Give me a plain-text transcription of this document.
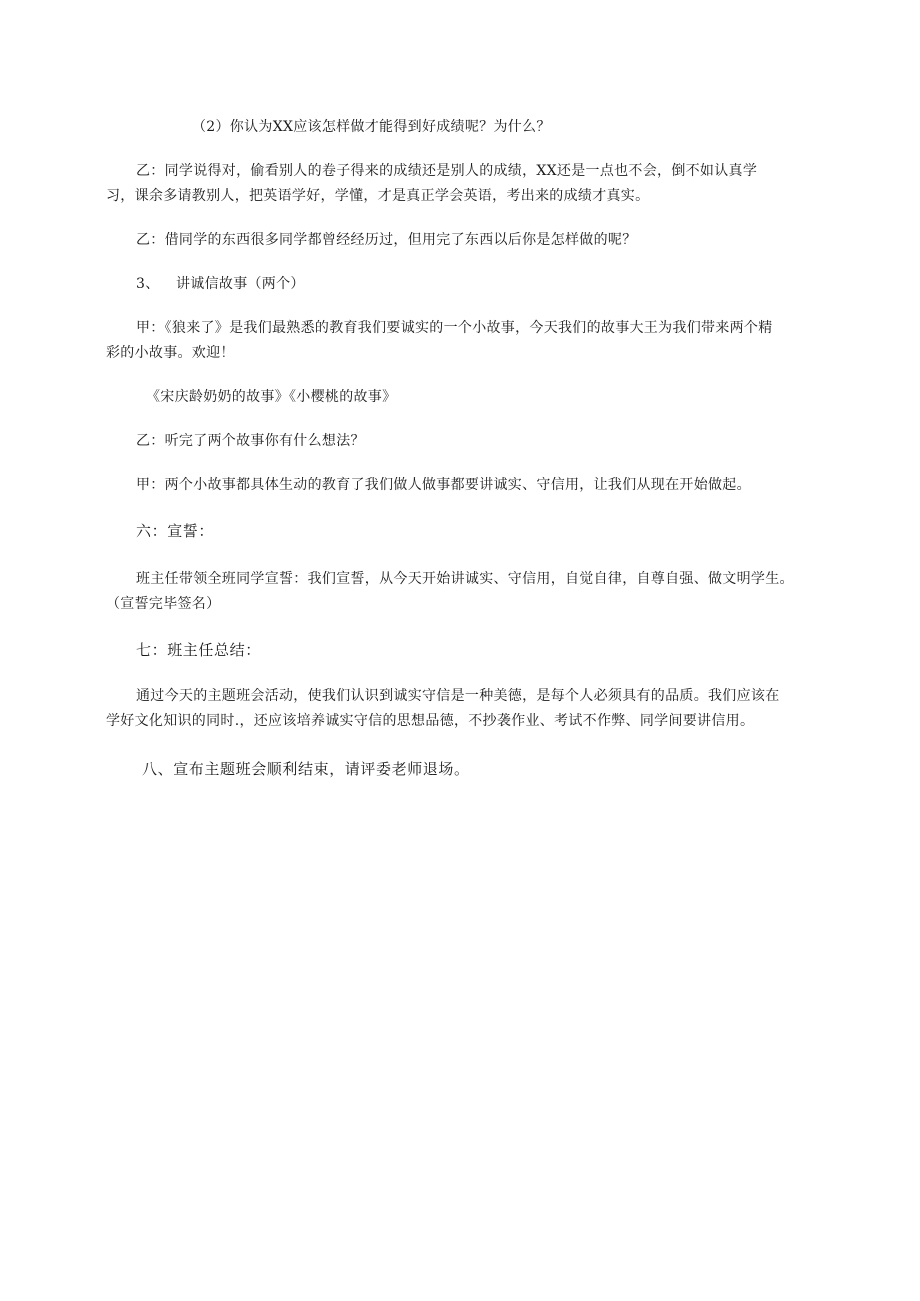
（2）你认为XX应该怎样做才能得到好成绩呢？为什么？
乙：同学说得对，偷看别人的卷子得来的成绩还是别人的成绩，XX还是一点也不会，倒不如认真学
习，课余多请教别人，把英语学好，学懂，才是真正学会英语，考出来的成绩才真实。
乙：借同学的东西很多同学都曾经经历过，但用完了东西以后你是怎样做的呢？
3、 讲诚信故事（两个）
甲：《狼来了》是我们最熟悉的教育我们要诚实的一个小故事，今天我们的故事大王为我们带来两个精
彩的小故事。欢迎！
《宋庆龄奶奶的故事》《小樱桃的故事》
乙：听完了两个故事你有什么想法？
甲：两个小故事都具体生动的教育了我们做人做事都要讲诚实、守信用，让我们从现在开始做起。
六：宣誓：
班主任带领全班同学宣誓：我们宣誓，从今天开始讲诚实、守信用，自觉自律，自尊自强、做文明学生。
（宣誓完毕签名）
七：班主任总结：
通过今天的主题班会活动，使我们认识到诚实守信是一种美德，是每个人必须具有的品质。我们应该在
学好文化知识的同时.，还应该培养诚实守信的思想品德，不抄袭作业、考试不作弊、同学间要讲信用。
八、宣布主题班会顺利结束，请评委老师退场。
